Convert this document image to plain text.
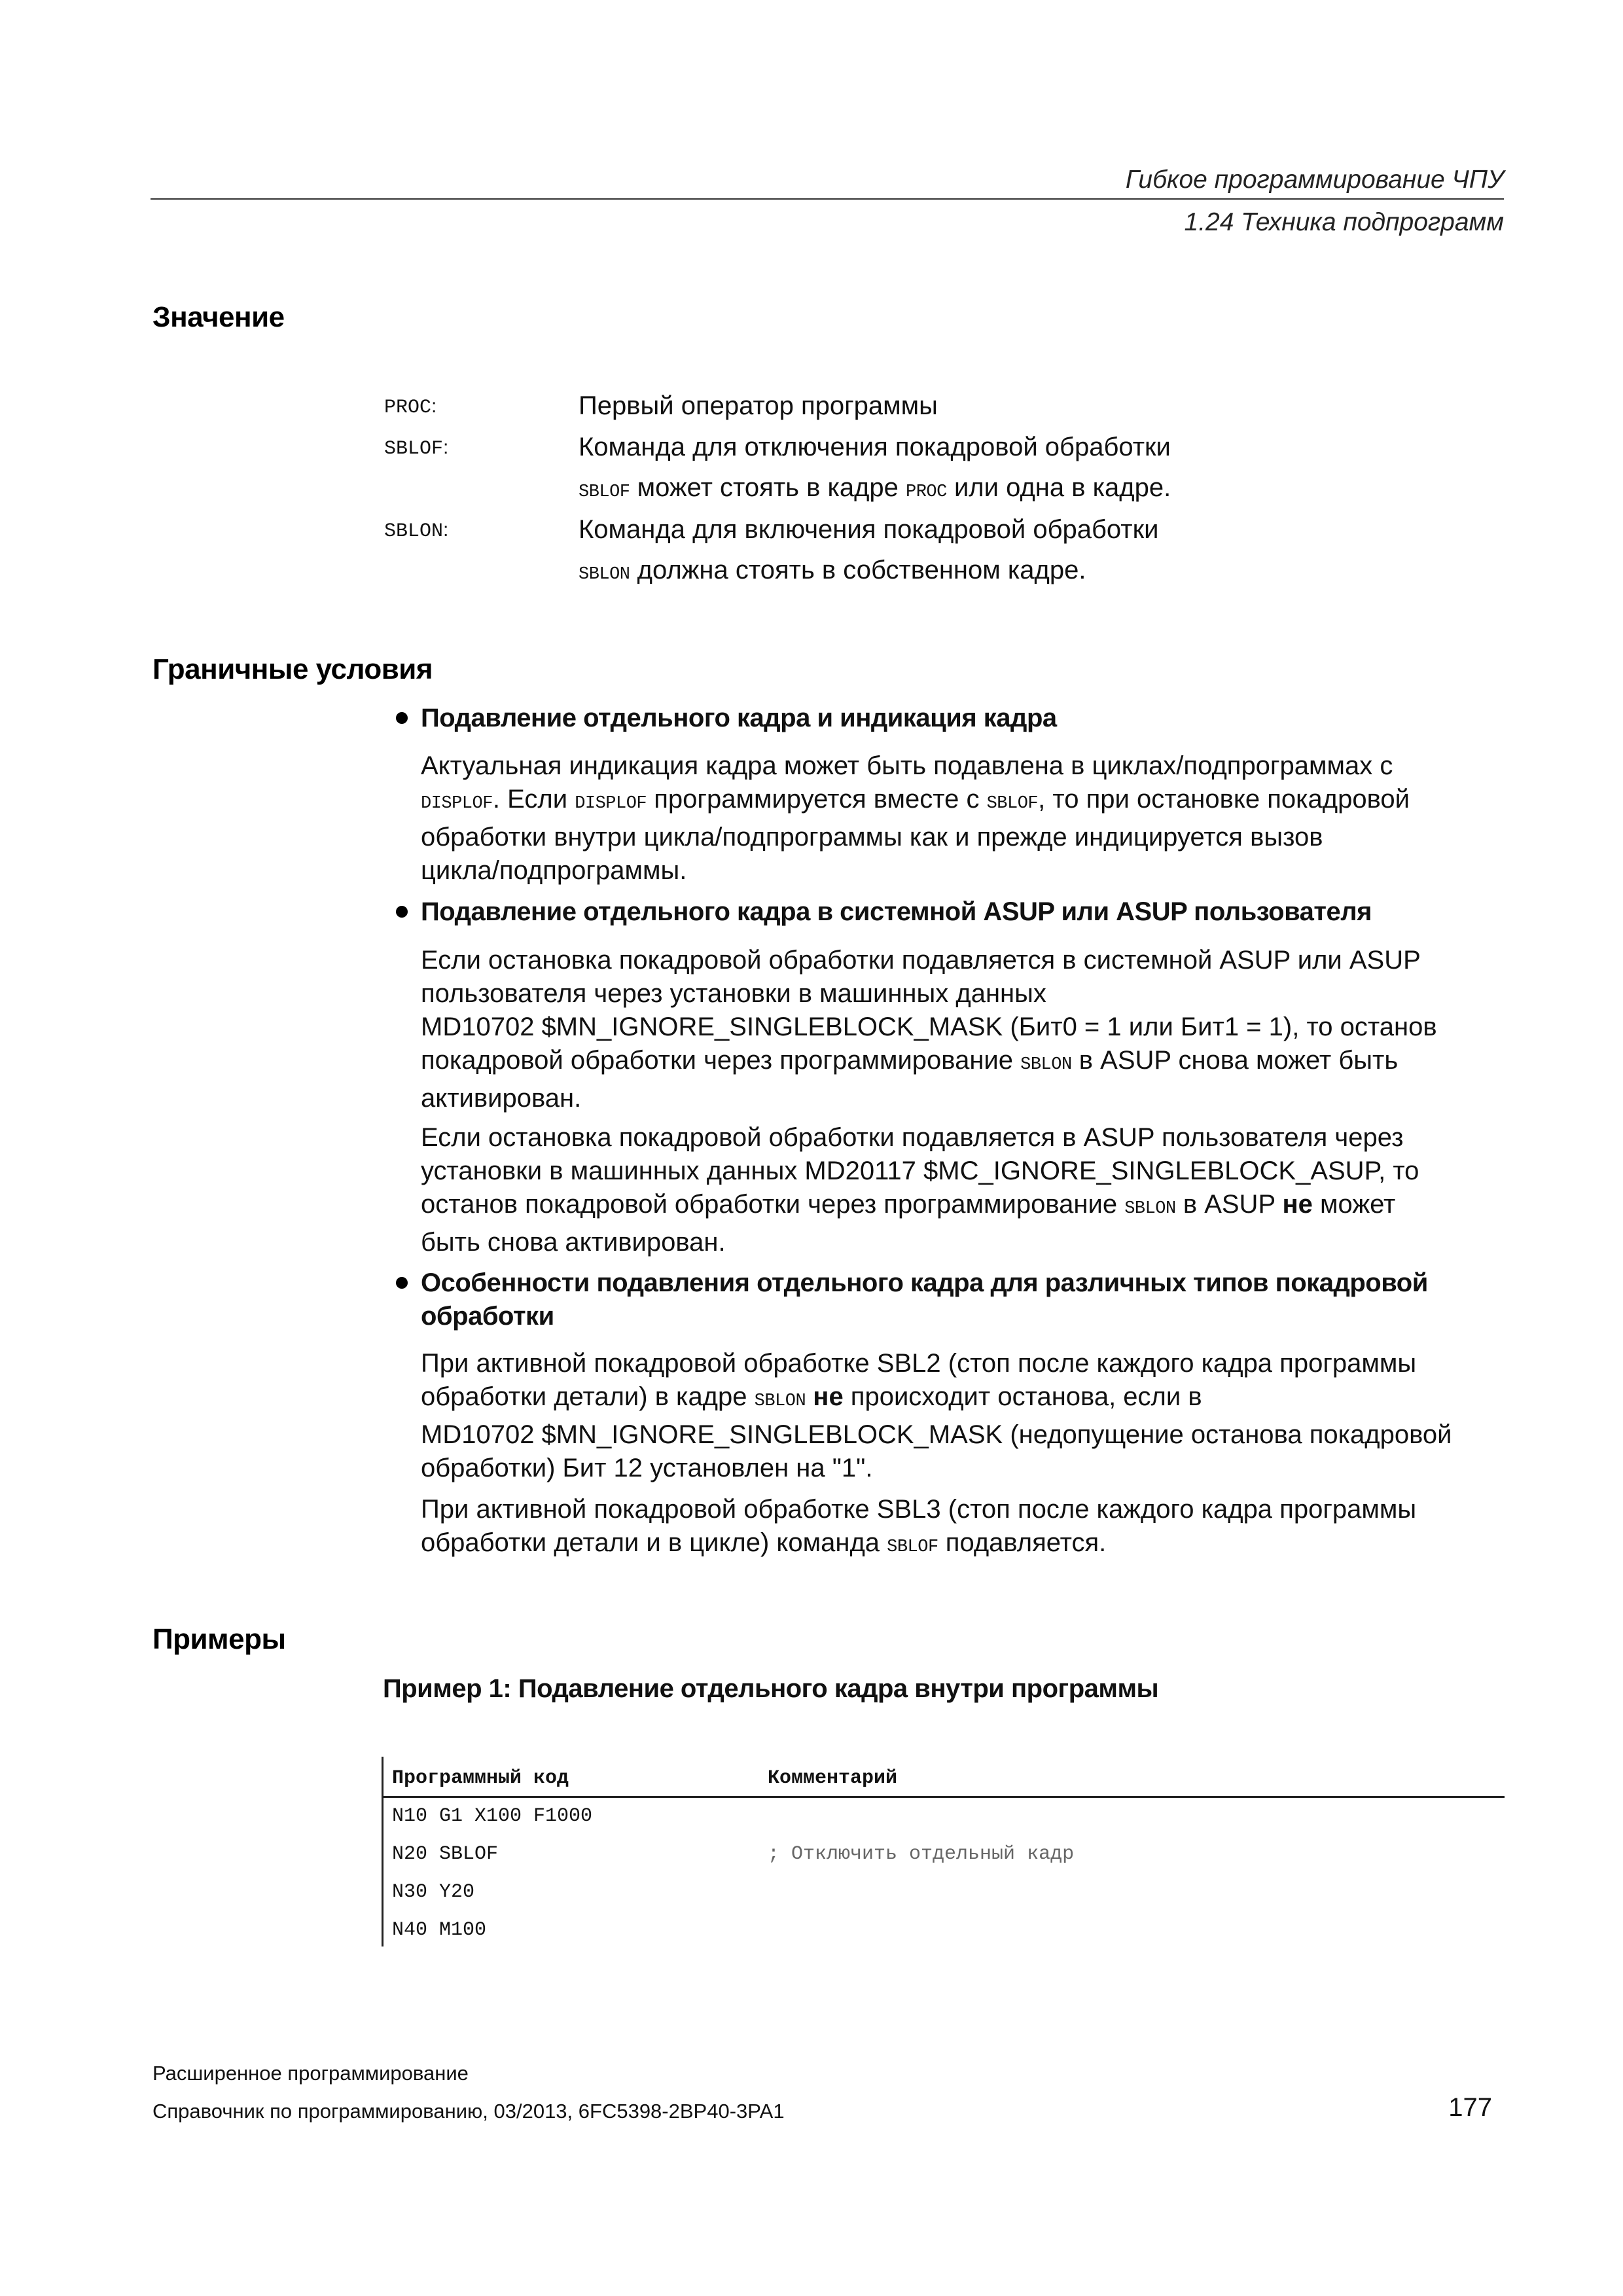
Гибкое программирование ЧПУ
1.24 Техника подпрограмм
Значение
PROC:	Первый оператор программы
SBLOF:	Команда для отключения покадровой обработки
SBLOF может стоять в кадре PROC или одна в кадре.
SBLON:	Команда для включения покадровой обработки
SBLON должна стоять в собственном кадре.
Граничные условия
Подавление отдельного кадра и индикация кадра
Актуальная индикация кадра может быть подавлена в циклах/подпрограммах с
DISPLOF. Если DISPLOF программируется вместе с SBLOF, то при остановке покадровой
обработки внутри цикла/подпрограммы как и прежде индицируется вызов
цикла/подпрограммы.
Подавление отдельного кадра в системной ASUP или ASUP пользователя
Если остановка покадровой обработки подавляется в системной ASUP или ASUP
пользователя через установки в машинных данных
MD10702 $MN_IGNORE_SINGLEBLOCK_MASK (Бит0 = 1 или Бит1 = 1), то останов
покадровой обработки через программирование SBLON в ASUP снова может быть
активирован.
Если остановка покадровой обработки подавляется в ASUP пользователя через
установки в машинных данных MD20117 $MC_IGNORE_SINGLEBLOCK_ASUP, то
останов покадровой обработки через программирование SBLON в ASUP не может
быть снова активирован.
Особенности подавления отдельного кадра для различных типов покадровой
обработки
При активной покадровой обработке SBL2 (стоп после каждого кадра программы
обработки детали) в кадре SBLON не происходит останова, если в
MD10702 $MN_IGNORE_SINGLEBLOCK_MASK (недопущение останова покадровой
обработки) Бит 12 установлен на "1".
При активной покадровой обработке SBL3 (стоп после каждого кадра программы
обработки детали и в цикле) команда SBLOF подавляется.
Примеры
Пример 1: Подавление отдельного кадра внутри программы
Программный код	Комментарий
N10 G1 X100 F1000
N20 SBLOF	; Отключить отдельный кадр
N30 Y20
N40 M100
Расширенное программирование
Справочник по программированию, 03/2013, 6FC5398-2BP40-3PA1	177
